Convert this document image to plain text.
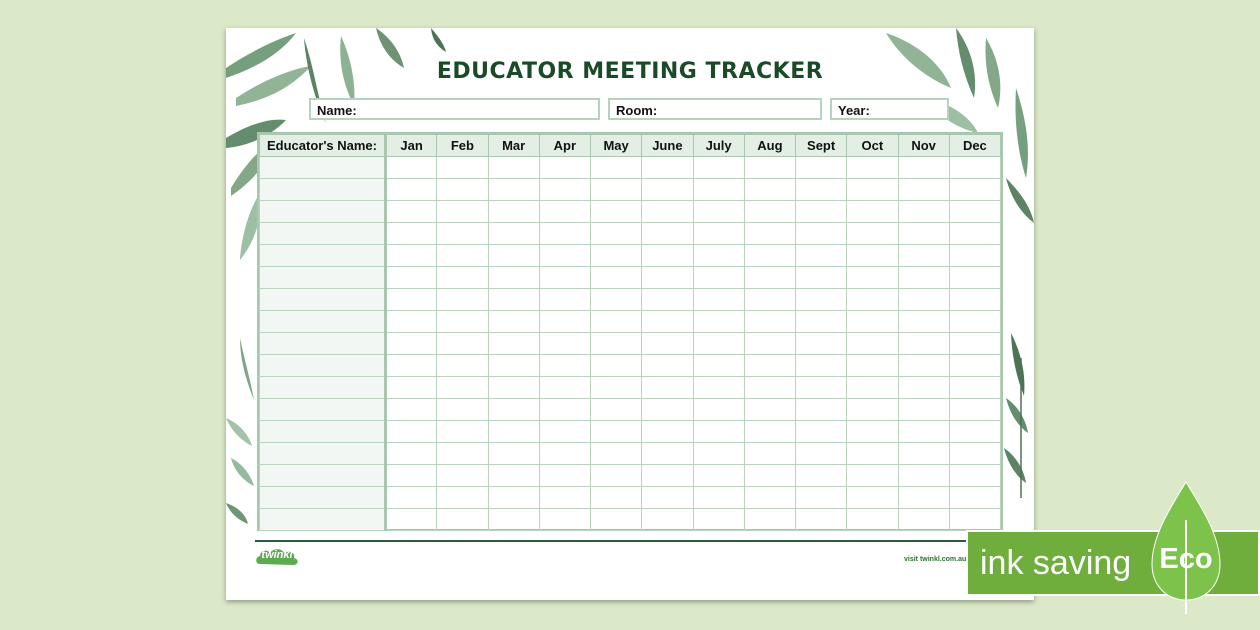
EDUCATOR MEETING TRACKER
Name:	Room:	Year:
Educator's Name:	Jan	Feb	Mar	Apr	May	June	July	Aug	Sept	Oct	Nov	Dec

twinkl	visit twinkl.com.au ink saving Eco
